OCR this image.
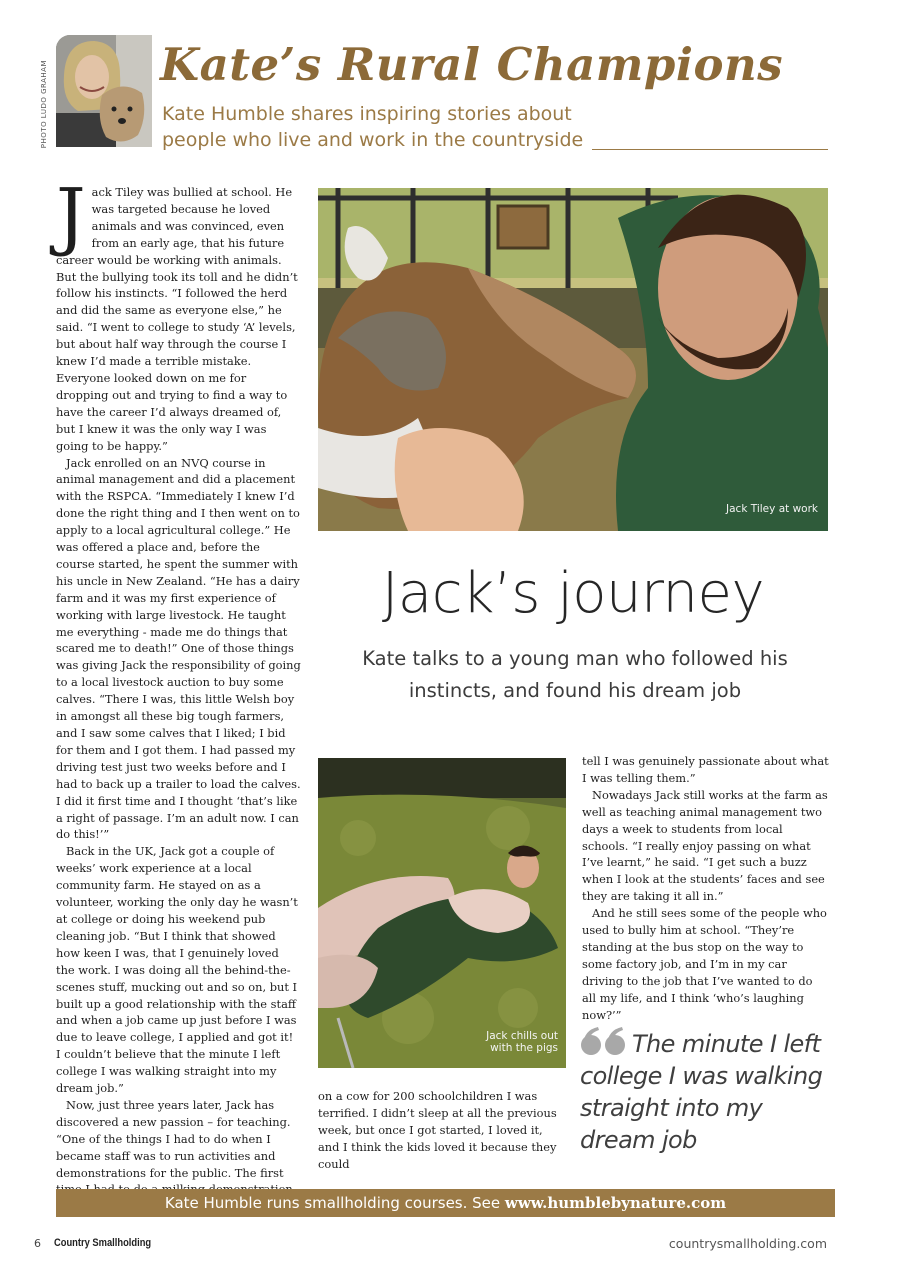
PHOTO LUDO GRAHAM Kate’s Rural Champions
Kate Humble shares inspiring stories about people who live and work in the countryside

Jack Tiley was bullied at school. He was targeted because he loved animals and was convinced, even from an early age, that his future career would be working with animals. But the bullying took its toll and he didn’t follow his instincts. “I followed the herd and did the same as everyone else,” he said. “I went to college to study ‘A’ levels, but about half way through the course I knew I’d made a terrible mistake. Everyone looked down on me for dropping out and trying to find a way to have the career I’d always dreamed of, but I knew it was the only way I was going to be happy.”

Jack enrolled on an NVQ course in animal management and did a placement with the RSPCA. “Immediately I knew I’d done the right thing and I then went on to apply to a local agricultural college.” He was offered a place and, before the course started, he spent the summer with his uncle in New Zealand. “He has a dairy farm and it was my first experience of working with large livestock. He taught me everything - made me do things that scared me to death!” One of those things was giving Jack the responsibility of going to a local livestock auction to buy some calves. “There I was, this little Welsh boy in amongst all these big tough farmers, and I saw some calves that I liked; I bid for them and I got them. I had passed my driving test just two weeks before and I had to back up a trailer to load the calves. I did it first time and I thought ‘that’s like a right of passage. I’m an adult now. I can do this!’”

Back in the UK, Jack got a couple of weeks’ work experience at a local community farm. He stayed on as a volunteer, working the only day he wasn’t at college or doing his weekend pub cleaning job. “But I think that showed how keen I was, that I genuinely loved the work. I was doing all the behind-the-scenes stuff, mucking out and so on, but I built up a good relationship with the staff and when a job came up just before I was due to leave college, I applied and got it! I couldn’t believe that the minute I left college I was walking straight into my dream job.”

Now, just three years later, Jack has discovered a new passion – for teaching. “One of the things I had to do when I became staff was to run activities and demonstrations for the public. The first

Jack Tiley at work
Jack’s journey
Kate talks to a young man who followed his instincts, and found his dream job
Jack chills out with the pigs

on a cow for 200 schoolchildren I was terrified. I didn’t sleep at all the previous week, but once I got started, I loved it, and I think the kids loved it because they could

tell I was genuinely passionate about what I was telling them.”

Nowadays Jack still works at the farm as well as teaching animal management two days a week to students from local schools. “I really enjoy passing on what I’ve learnt,” he said. “I get such a buzz when I look at the students’ faces and see they are taking it all in.”

And he still sees some of the people who used to bully him at school. “They’re standing at the bus stop on the way to some factory job, and I’m in my car driving to the job that I’ve wanted to do all my life, and I think ‘who’s laughing now?’”

The minute I left college I was walking straight into my dream job
Kate Humble runs smallholding courses. See www.humblebynature.com
6 Country Smallholding	countrysmallholding.com
